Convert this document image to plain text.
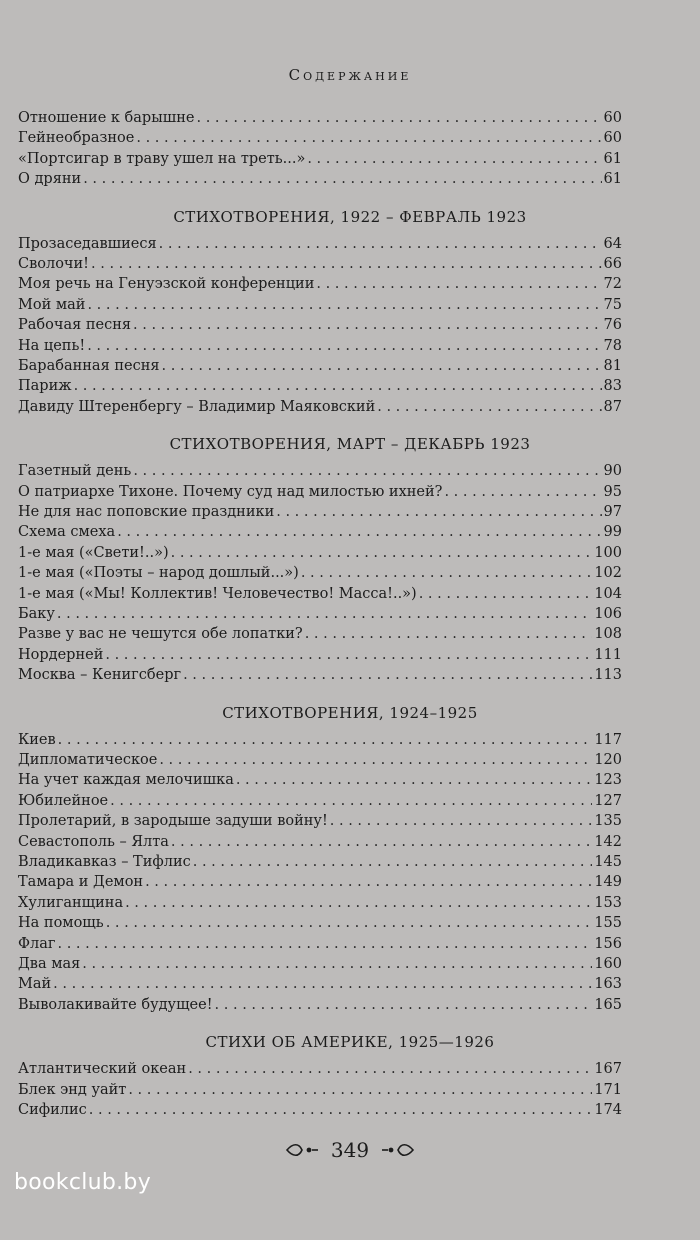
Содержание
Отношение к барышне . . .	60
Гейнеобразное . . .	60
«Портсигар в траву ушел на треть...» . . .	61
О дряни . . .	61
СТИХОТВОРЕНИЯ, 1922 – ФЕВРАЛЬ 1923
Прозаседавшиеся . . .	64
Сволочи! . . .	66
Моя речь на Генуэзской конференции . . .	72
Мой май . . .	75
Рабочая песня . . .	76
На цепь! . . .	78
Барабанная песня . . .	81
Париж . . .	83
Давиду Штеренбергу – Владимир Маяковский . . .	87
СТИХОТВОРЕНИЯ, МАРТ – ДЕКАБРЬ 1923
Газетный день . . .	90
О патриархе Тихоне. Почему суд над милостью ихней? . . .	95
Не для нас поповские праздники . . .	97
Схема смеха . . .	99
1-е мая («Свети!..») . . .	100
1-е мая («Поэты – народ дошлый...») . . .	102
1-е мая («Мы! Коллектив! Человечество! Масса!..») . . .	104
Баку . . .	106
Разве у вас не чешутся обе лопатки? . . .	108
Нордерней . . .	111
Москва – Кенигсберг . . .	113
СТИХОТВОРЕНИЯ, 1924–1925
Киев . . .	117
Дипломатическое . . .	120
На учет каждая мелочишка . . .	123
Юбилейное . . .	127
Пролетарий, в зародыше задуши войну! . . .	135
Севастополь – Ялта . . .	142
Владикавказ – Тифлис . . .	145
Тамара и Демон . . .	149
Хулиганщина . . .	153
На помощь . . .	155
Флаг . . .	156
Два мая . . .	160
Май . . .	163
Выволакивайте будущее! . . .	165
СТИХИ ОБ АМЕРИКЕ, 1925—1926
Атлантический океан . . .	167
Блек энд уайт . . .	171
Сифилис . . .	174
349
bookclub.by
